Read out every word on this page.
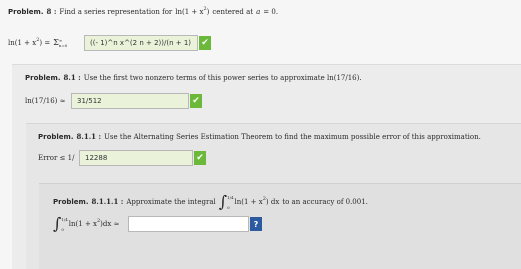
Problem. 8 : Find a series representation for ln(1 + x 2 ) centered at a = 0.
ln(1 + x 2 ) = Σ ∞
n=0	((- 1)^n x^(2 n + 2))/(n + 1) ✔
Problem. 8.1 : Use the first two nonzero terms of this power series to approximate ln(17/16).
ln(17/16) ≈ 31/512	✔
Problem. 8.1.1 : Use the Alternating Series Estimation Theorem to find the maximum possible error of this approximation.
Error ≤ 1/ 12288	✔
Problem. 8.1.1.1 : Approximate the integral ∫ 1/4
0
ln(1 + x 2 ) dx to an accuracy of 0.001.
∫ 1/4
0
ln(1 + x 2 )dx ≈	?
